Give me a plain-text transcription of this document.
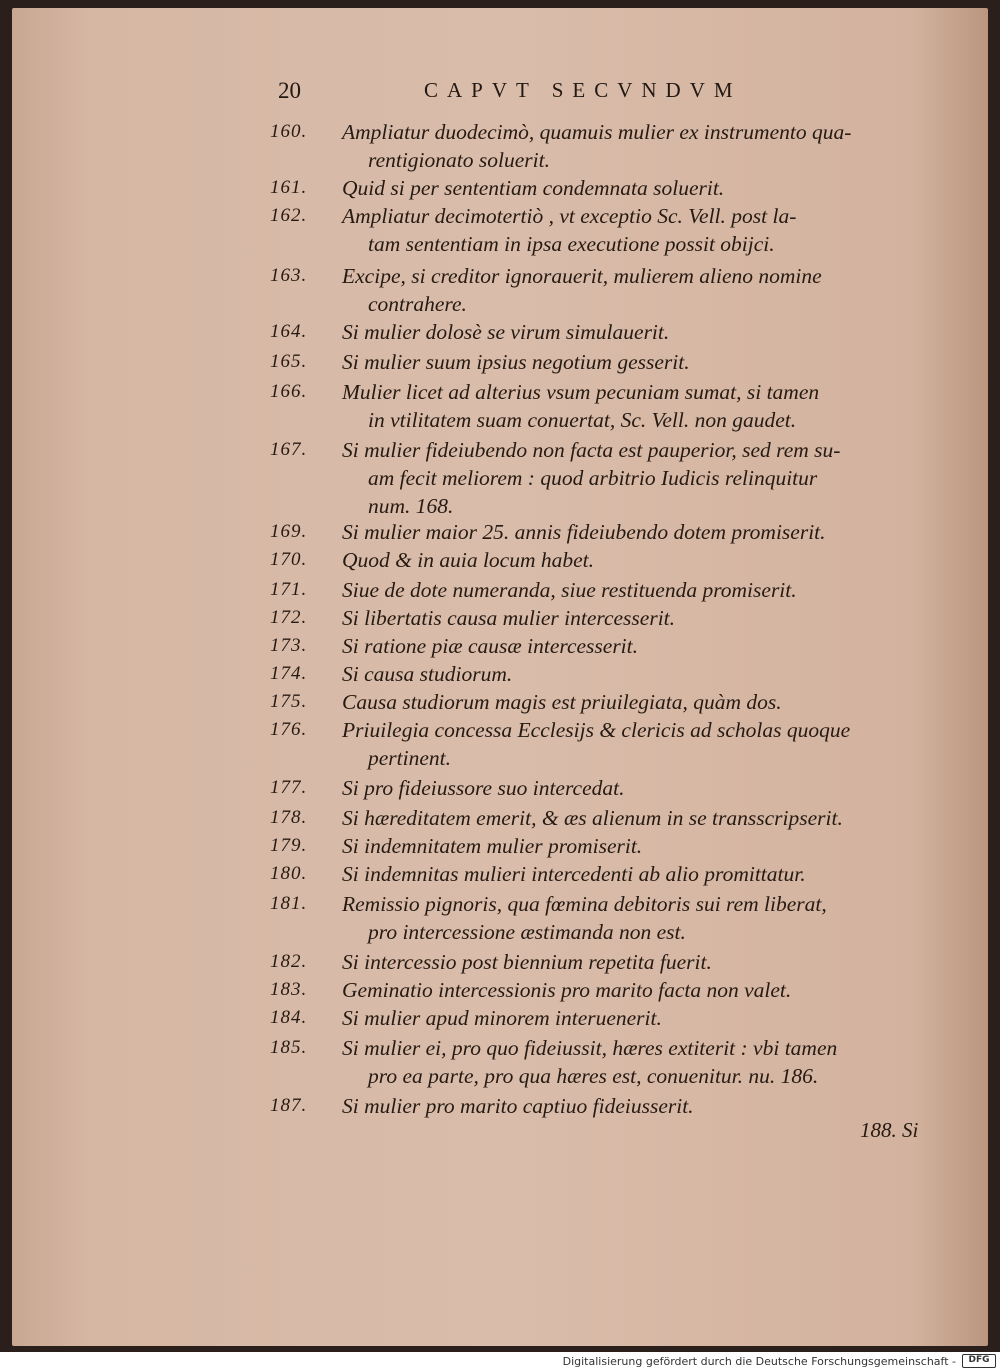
20	CAPVT SECVNDVM
160.	Ampliatur duodecimò, quamuis mulier ex instrumento qua-
rentigionato soluerit.
161.	Quid si per sententiam condemnata soluerit.
162.	Ampliatur decimotertiò , vt exceptio Sc. Vell. post la-
tam sententiam in ipsa executione possit obijci.
163.	Excipe, si creditor ignorauerit, mulierem alieno nomine
contrahere.
164.	Si mulier dolosè se virum simulauerit.
165.	Si mulier suum ipsius negotium gesserit.
166.	Mulier licet ad alterius vsum pecuniam sumat, si tamen
in vtilitatem suam conuertat, Sc. Vell. non gaudet.
167.	Si mulier fideiubendo non facta est pauperior, sed rem su-
am fecit meliorem : quod arbitrio Iudicis relinquitur
num. 168.
169.	Si mulier maior 25. annis fideiubendo dotem promiserit.
170.	Quod & in auia locum habet.
171.	Siue de dote numeranda, siue restituenda promiserit.
172.	Si libertatis causa mulier intercesserit.
173.	Si ratione piæ causæ intercesserit.
174.	Si causa studiorum.
175.	Causa studiorum magis est priuilegiata, quàm dos.
176.	Priuilegia concessa Ecclesijs & clericis ad scholas quoque
pertinent.
177.	Si pro fideiussore suo intercedat.
178.	Si hæreditatem emerit, & æs alienum in se transscripserit.
179.	Si indemnitatem mulier promiserit.
180.	Si indemnitas mulieri intercedenti ab alio promittatur.
181.	Remissio pignoris, qua fœmina debitoris sui rem liberat,
pro intercessione æstimanda non est.
182.	Si intercessio post biennium repetita fuerit.
183.	Geminatio intercessionis pro marito facta non valet.
184.	Si mulier apud minorem interuenerit.
185.	Si mulier ei, pro quo fideiussit, hæres extiterit : vbi tamen
pro ea parte, pro qua hæres est, conuenitur. nu. 186.
187.	Si mulier pro marito captiuo fideiusserit.
188. Si
Digitalisierung gefördert durch die Deutsche Forschungsgemeinschaft -	DFG
